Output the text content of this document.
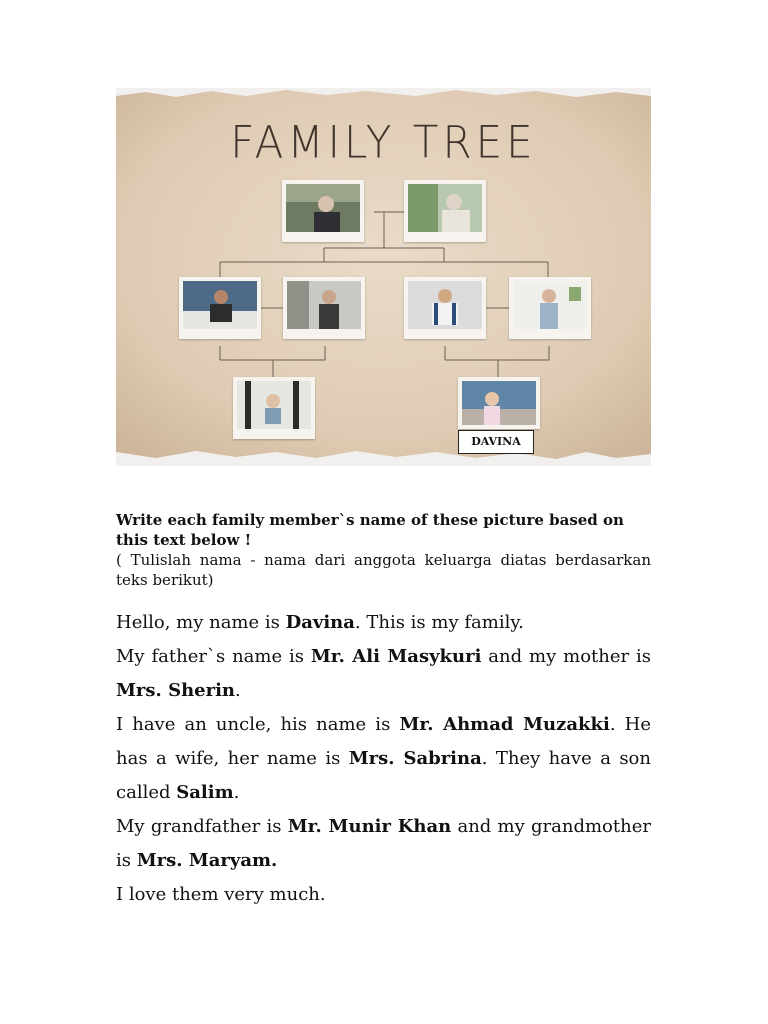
FAMILY TREE
DAVINA
Write each family member`s name of these picture based on this text below !
( Tulislah nama - nama dari anggota keluarga diatas berdasarkan teks berikut)

Hello, my name is Davina. This is my family.

My father`s name is Mr. Ali Masykuri and my mother is Mrs. Sherin.

I have an uncle, his name is Mr. Ahmad Muzakki. He has a wife, her name is Mrs. Sabrina. They have a son called Salim.

My grandfather is Mr. Munir Khan and my grandmother is Mrs. Maryam.

I love them very much.
